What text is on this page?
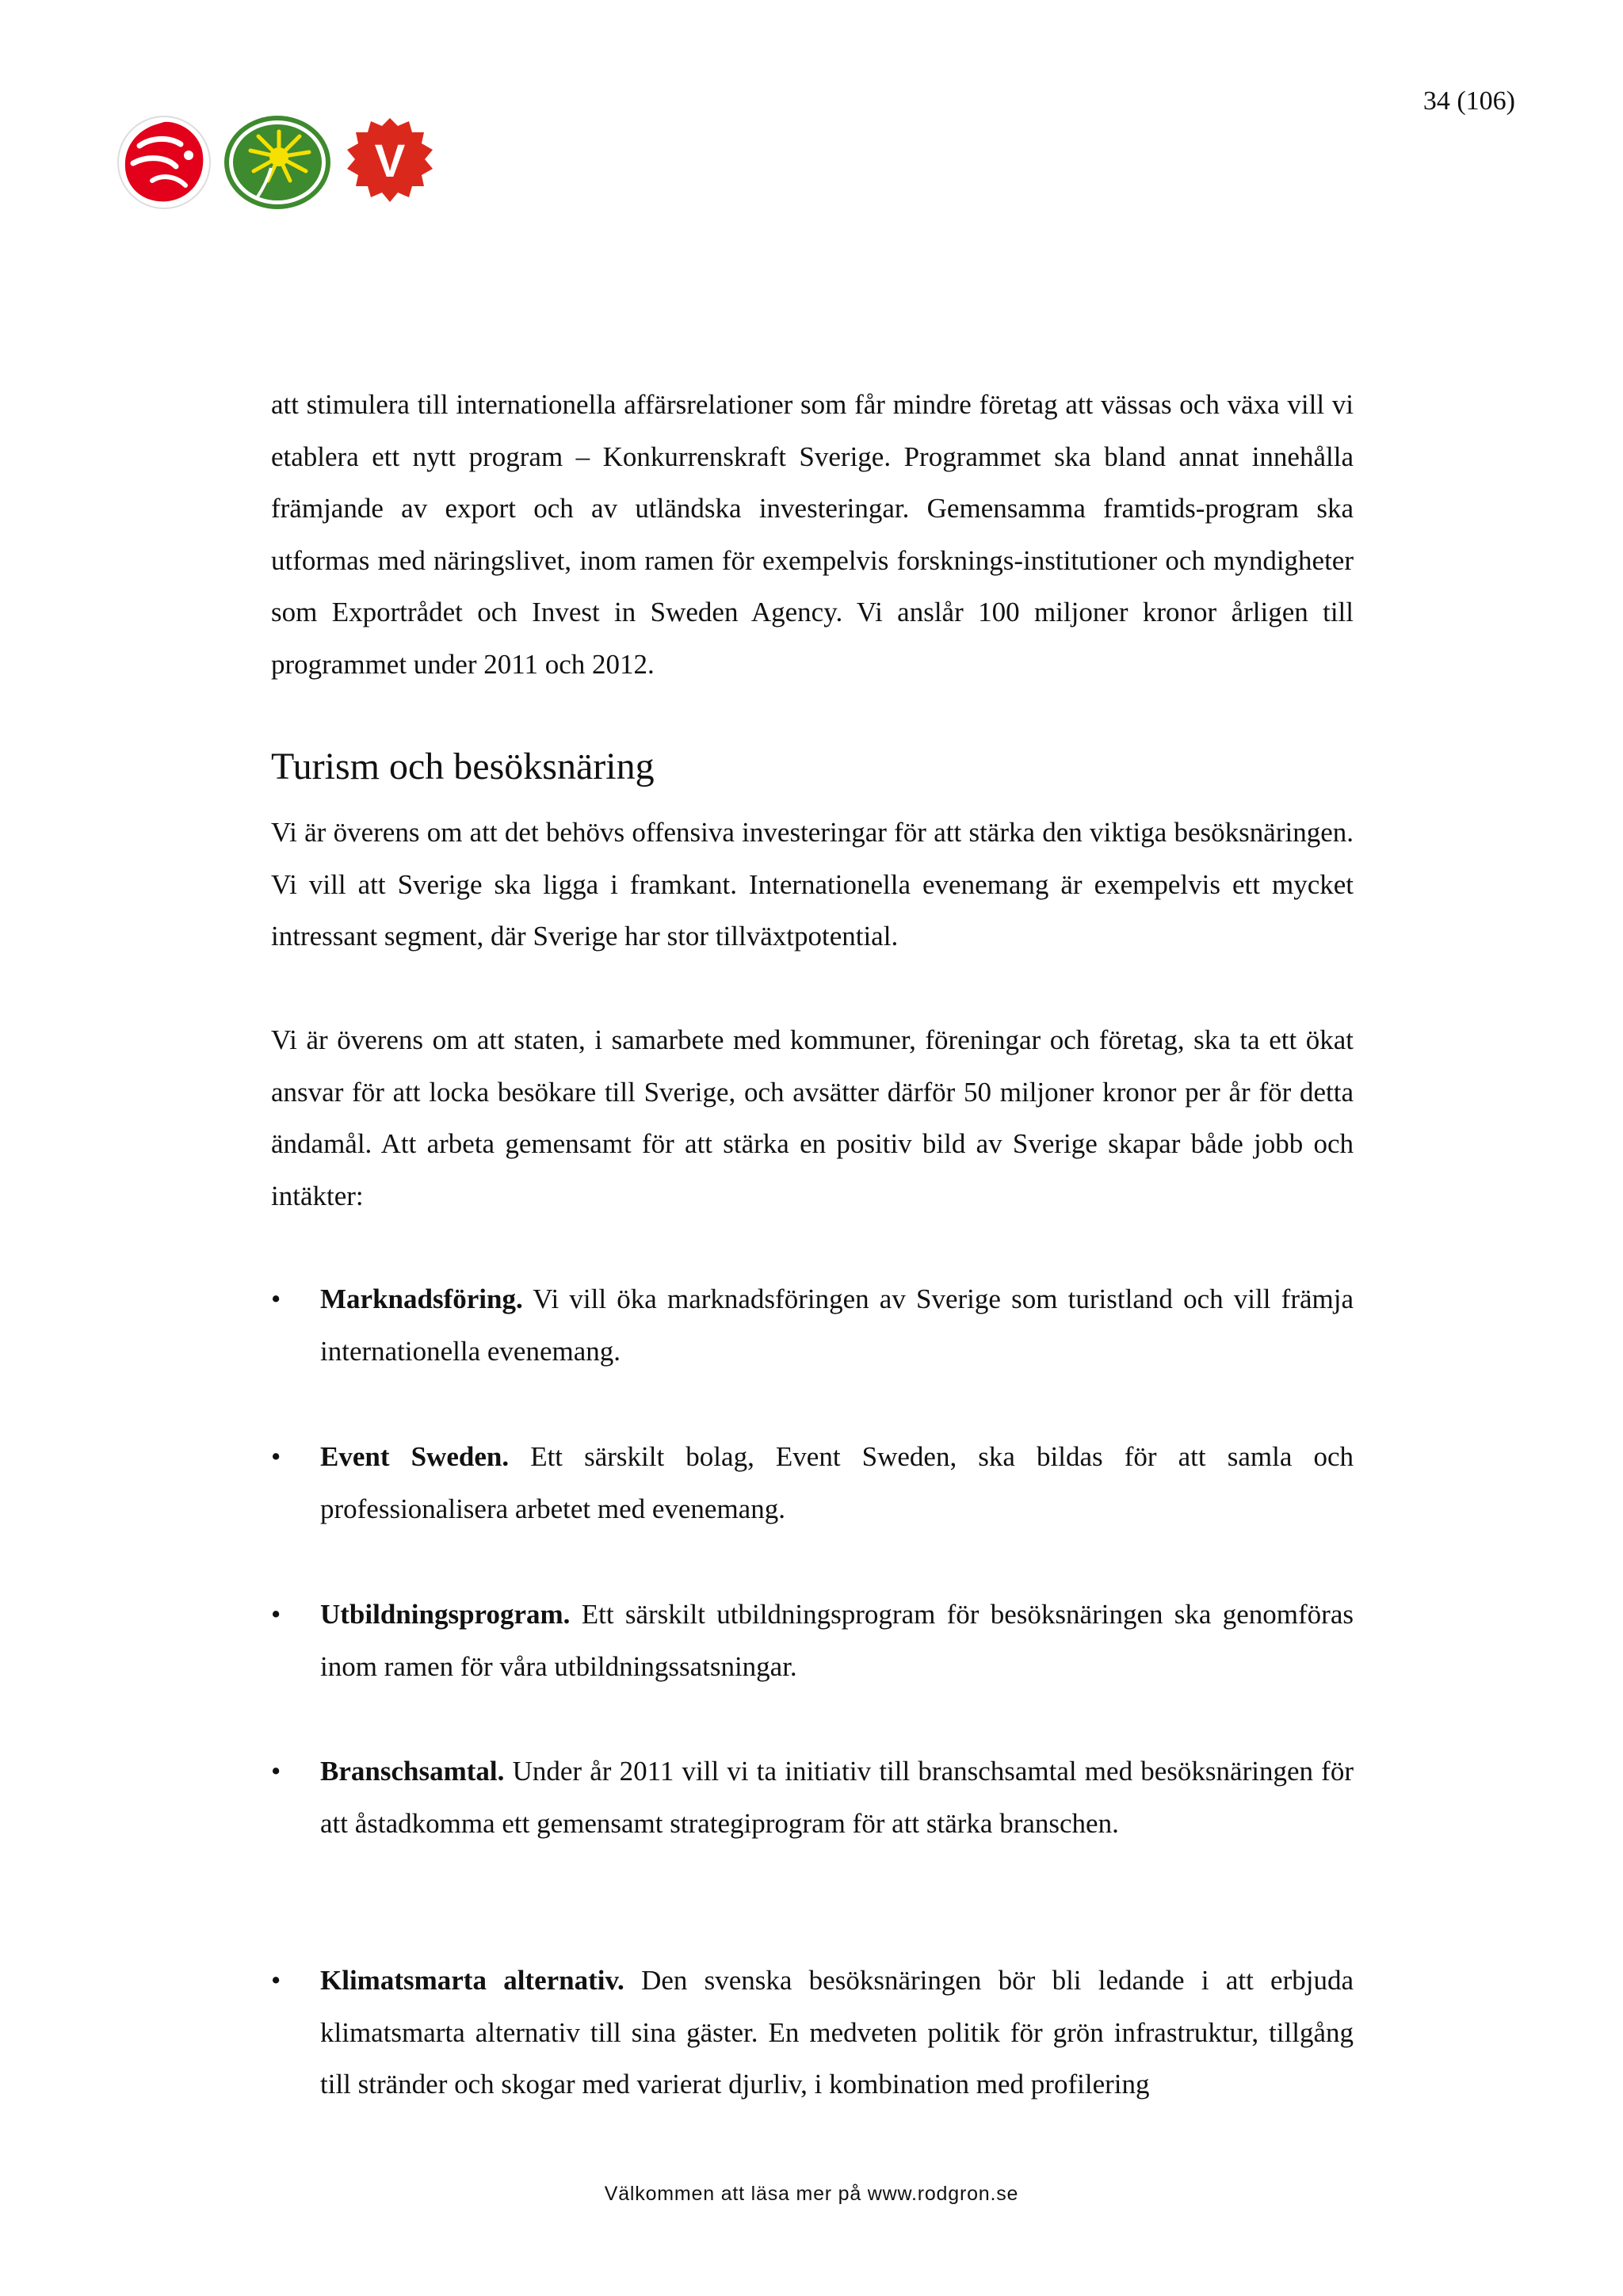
34 (106)
V

att stimulera till internationella affärsrelationer som får mindre företag att vässas och växa vill vi etablera ett nytt program – Konkurrenskraft Sverige. Programmet ska bland annat innehålla främjande av export och av utländska investeringar. Gemensamma framtids-program ska utformas med näringslivet, inom ramen för exempelvis forsknings-institutioner och myndigheter som Exportrådet och Invest in Sweden Agency. Vi anslår 100 miljoner kronor årligen till programmet under 2011 och 2012.

Turism och besöksnäring

Vi är överens om att det behövs offensiva investeringar för att stärka den viktiga besöksnäringen. Vi vill att Sverige ska ligga i framkant. Internationella evenemang är exempelvis ett mycket intressant segment, där Sverige har stor tillväxtpotential.

Vi är överens om att staten, i samarbete med kommuner, föreningar och företag, ska ta ett ökat ansvar för att locka besökare till Sverige, och avsätter därför 50 miljoner kronor per år för detta ändamål. Att arbeta gemensamt för att stärka en positiv bild av Sverige skapar både jobb och intäkter:

• Marknadsföring. Vi vill öka marknadsföringen av Sverige som turistland och vill främja internationella evenemang.
• Event Sweden. Ett särskilt bolag, Event Sweden, ska bildas för att samla och professionalisera arbetet med evenemang.
• Utbildningsprogram. Ett särskilt utbildningsprogram för besöksnäringen ska genomföras inom ramen för våra utbildningssatsningar.
• Branschsamtal. Under år 2011 vill vi ta initiativ till branschsamtal med besöksnäringen för att åstadkomma ett gemensamt strategiprogram för att stärka branschen.
• Klimatsmarta alternativ. Den svenska besöksnäringen bör bli ledande i att erbjuda klimatsmarta alternativ till sina gäster. En medveten politik för grön infrastruktur, tillgång till stränder och skogar med varierat djurliv, i kombination med profilering
Välkommen att läsa mer på www.rodgron.se
